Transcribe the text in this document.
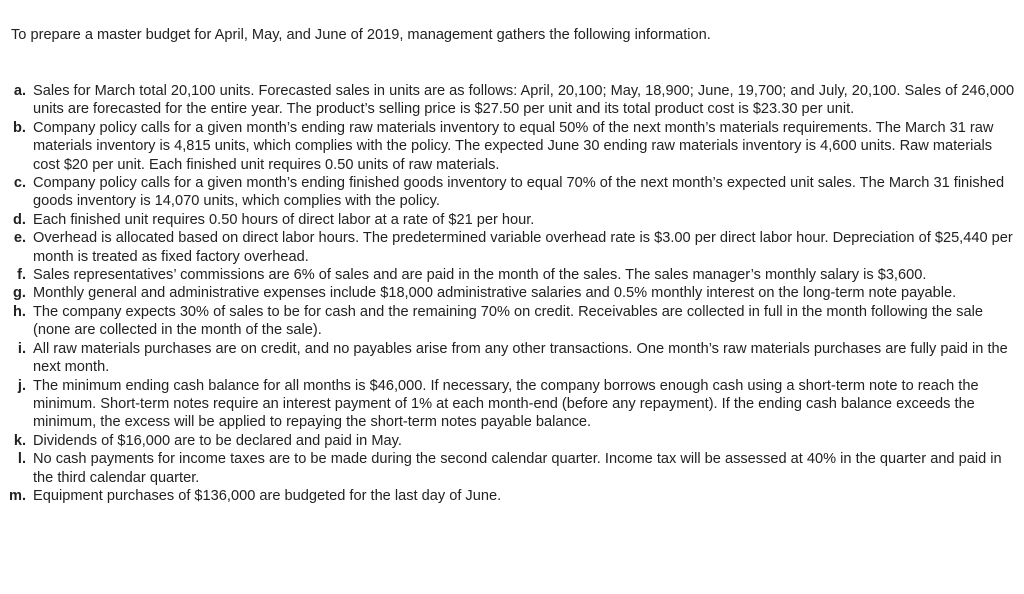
To prepare a master budget for April, May, and June of 2019, management gathers the following information.
a. Sales for March total 20,100 units. Forecasted sales in units are as follows: April, 20,100; May, 18,900; June, 19,700; and July, 20,100. Sales of 246,000 units are forecasted for the entire year. The product’s selling price is $27.50 per unit and its total product cost is $23.30 per unit.
b. Company policy calls for a given month’s ending raw materials inventory to equal 50% of the next month’s materials requirements. The March 31 raw materials inventory is 4,815 units, which complies with the policy. The expected June 30 ending raw materials inventory is 4,600 units. Raw materials cost $20 per unit. Each finished unit requires 0.50 units of raw materials.
c. Company policy calls for a given month’s ending finished goods inventory to equal 70% of the next month’s expected unit sales. The March 31 finished goods inventory is 14,070 units, which complies with the policy.
d. Each finished unit requires 0.50 hours of direct labor at a rate of $21 per hour.
e. Overhead is allocated based on direct labor hours. The predetermined variable overhead rate is $3.00 per direct labor hour. Depreciation of $25,440 per month is treated as fixed factory overhead.
f. Sales representatives’ commissions are 6% of sales and are paid in the month of the sales. The sales manager’s monthly salary is $3,600.
g. Monthly general and administrative expenses include $18,000 administrative salaries and 0.5% monthly interest on the long-term note payable.
h. The company expects 30% of sales to be for cash and the remaining 70% on credit. Receivables are collected in full in the month following the sale (none are collected in the month of the sale).
i. All raw materials purchases are on credit, and no payables arise from any other transactions. One month’s raw materials purchases are fully paid in the next month.
j. The minimum ending cash balance for all months is $46,000. If necessary, the company borrows enough cash using a short-term note to reach the minimum. Short-term notes require an interest payment of 1% at each month-end (before any repayment). If the ending cash balance exceeds the minimum, the excess will be applied to repaying the short-term notes payable balance.
k. Dividends of $16,000 are to be declared and paid in May.
l. No cash payments for income taxes are to be made during the second calendar quarter. Income tax will be assessed at 40% in the quarter and paid in the third calendar quarter.
m. Equipment purchases of $136,000 are budgeted for the last day of June.
